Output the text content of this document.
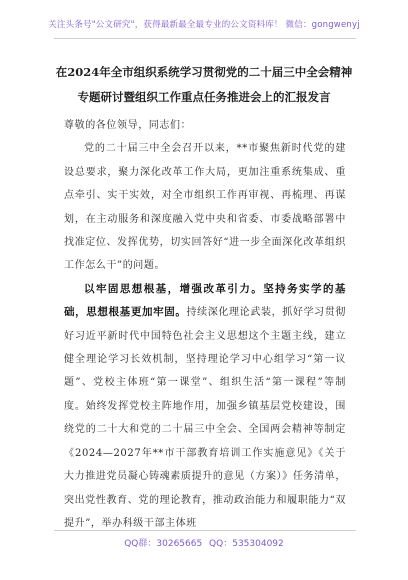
关注头条号"公文研究"，获得最新最全最专业的公文资料库！ 微信：gongwenyj
在2024年全市组织系统学习贯彻党的二十届三中全会精神
专题研讨暨组织工作重点任务推进会上的汇报发言

尊敬的各位领导，同志们：

党的二十届三中全会召开以来，**市聚焦新时代党的建设总要求，聚力深化改革工作大局，更加注重系统集成、重点牵引、实干实效，对全市组织工作再审视、再梳理、再谋划，在主动服务和深度融入党中央和省委、市委战略部署中找准定位、发挥优势，切实回答好“进一步全面深化改革组织工作怎么干”的问题。

以牢固思想根基，增强改革引力。坚持务实学的基础，思想根基更加牢固。持续深化理论武装，抓好学习贯彻好习近平新时代中国特色社会主义思想这个主题主线，建立健全理论学习长效机制，坚持理论学习中心组学习“第一议题”、党校主体班“第一课堂”、组织生活“第一课程”等制度。始终发挥党校主阵地作用，加强乡镇基层党校建设，围绕党的二十大和党的二十届三中全会、全国两会精神等制定《2024—2027年**市干部教育培训工作实施意见》《关于大力推进党员凝心铸魂素质提升的意见（方案）》任务清单，突出党性教育、党的理论教育，推动政治能力和履职能力“双提升”，举办科级干部主体班

QQ群：30265665 QQ：535304092
